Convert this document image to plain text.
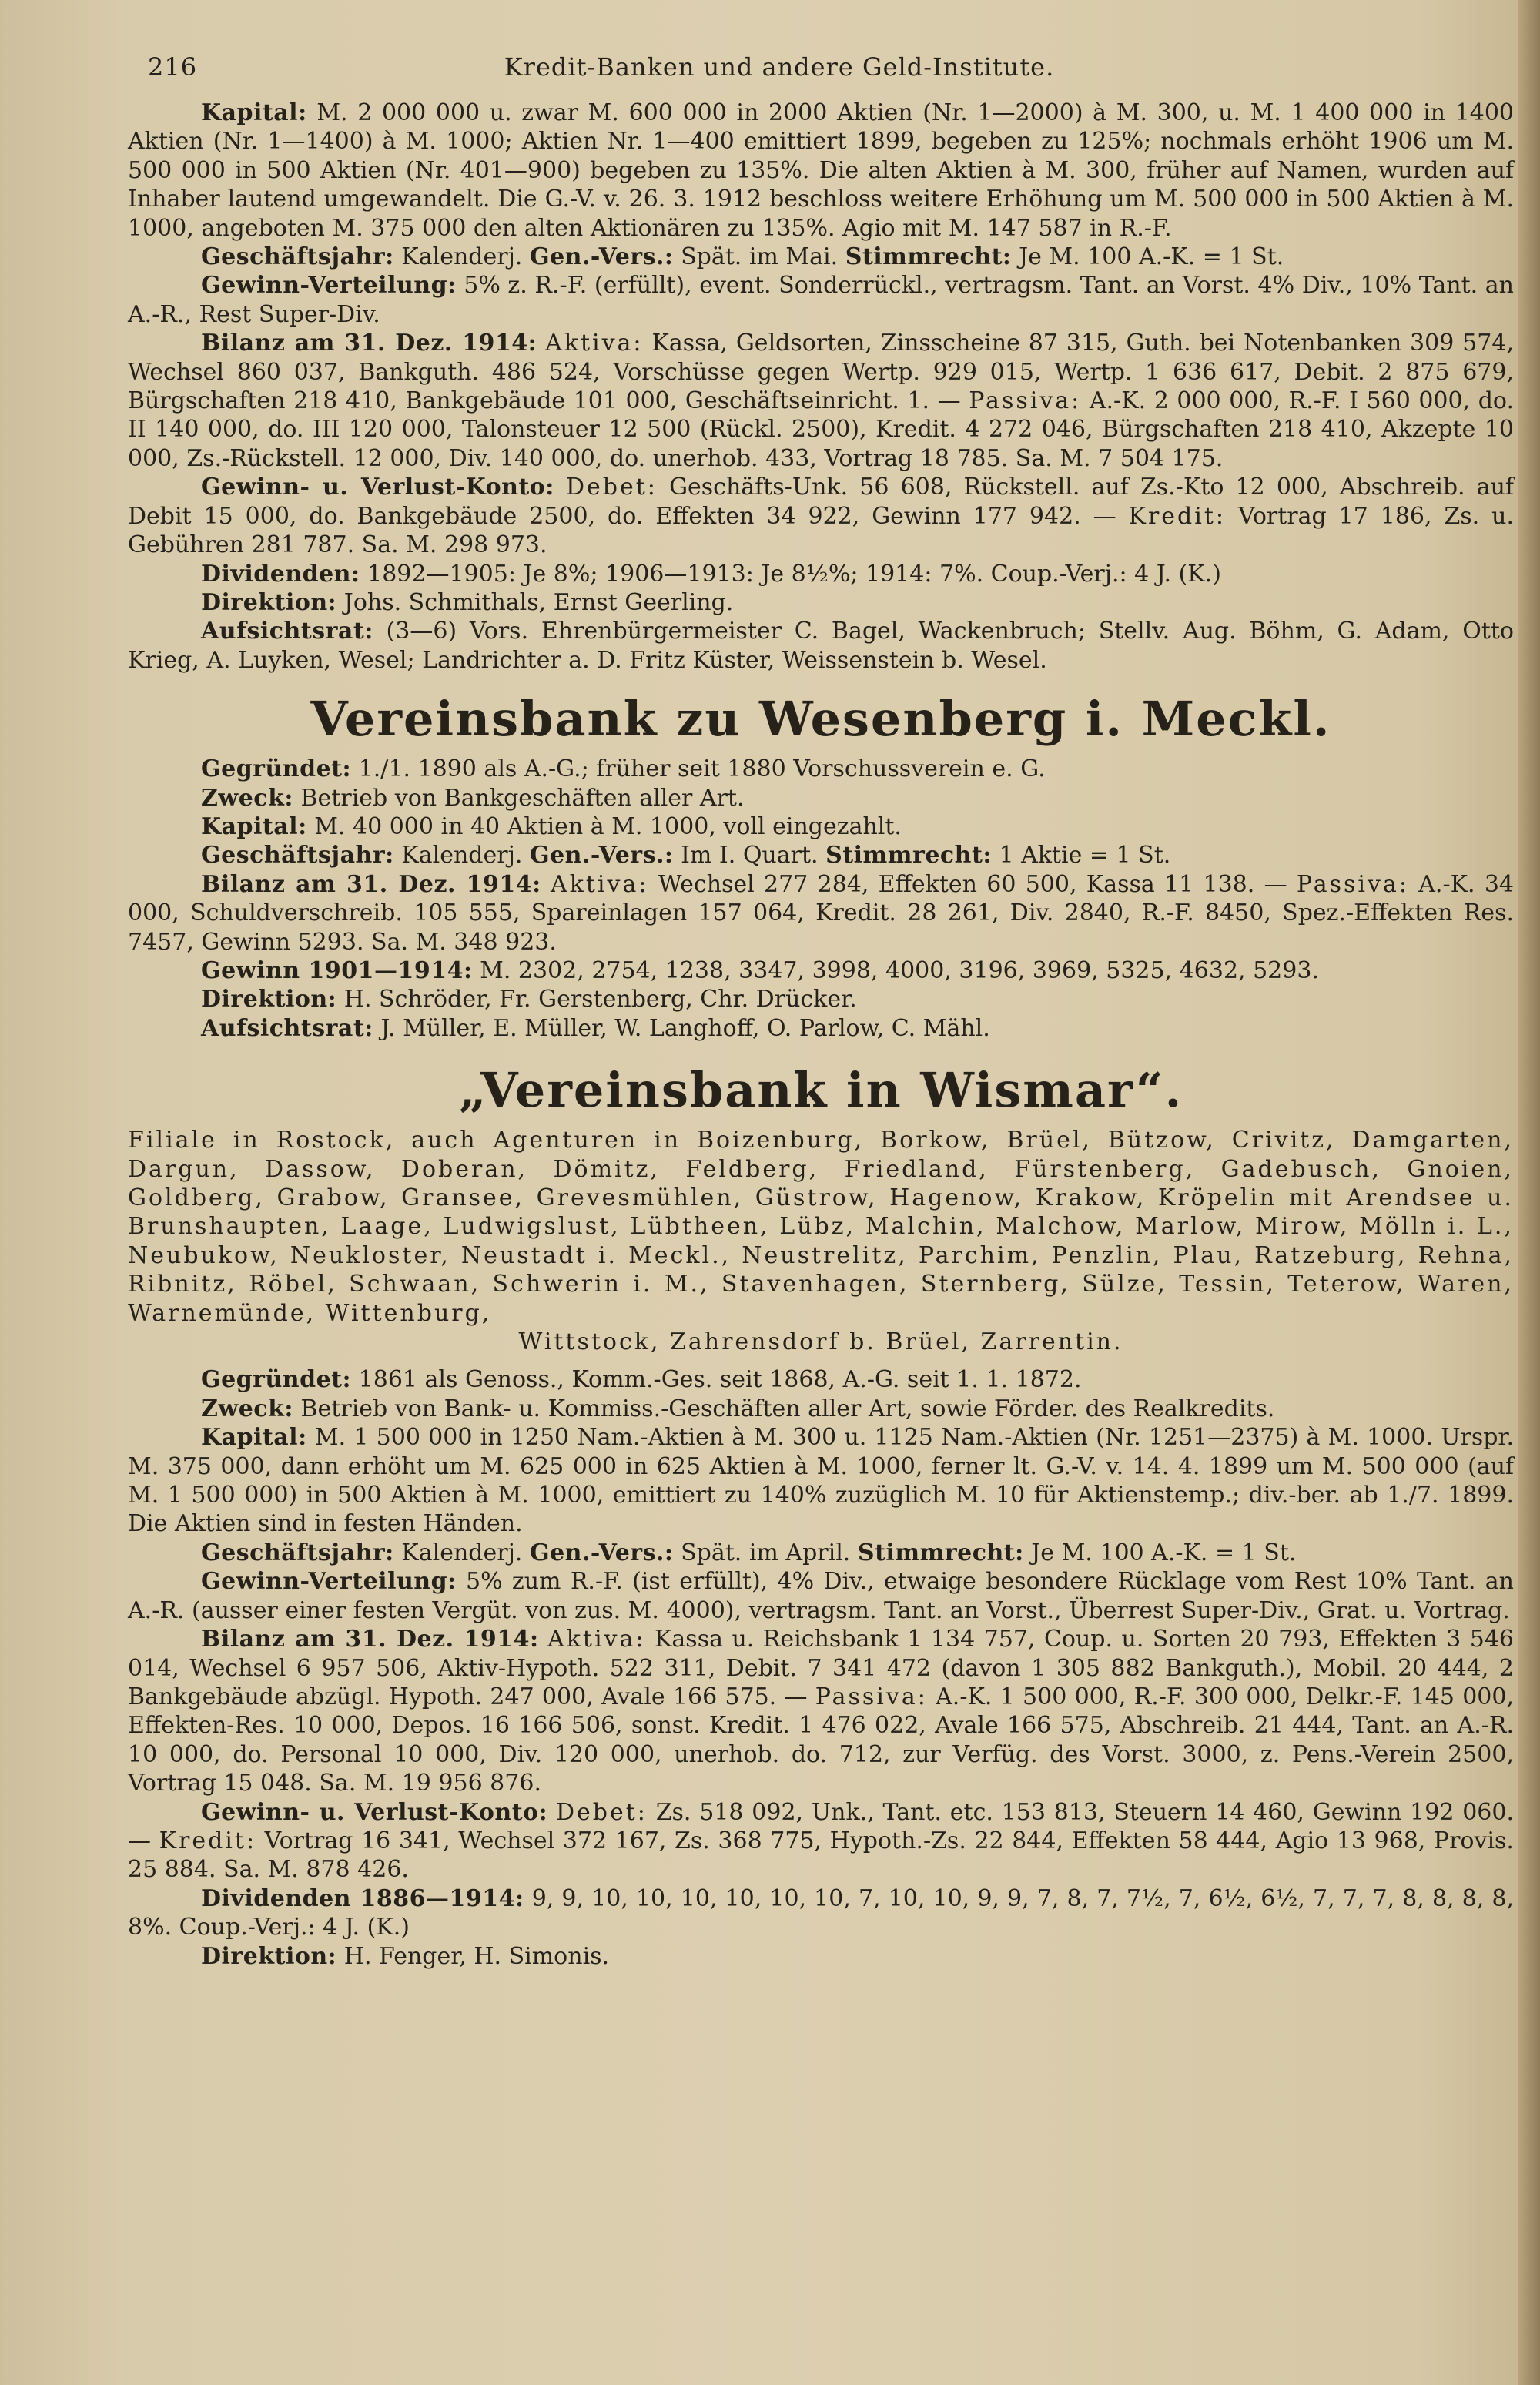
216	Kredit-Banken und andere Geld-Institute.

Kapital: M. 2 000 000 u. zwar M. 600 000 in 2000 Aktien (Nr. 1—2000) à M. 300, u. M. 1 400 000 in 1400 Aktien (Nr. 1—1400) à M. 1000; Aktien Nr. 1—400 emittiert 1899, begeben zu 125%; nochmals erhöht 1906 um M. 500 000 in 500 Aktien (Nr. 401—900) begeben zu 135%. Die alten Aktien à M. 300, früher auf Namen, wurden auf Inhaber lautend umgewandelt. Die G.-V. v. 26. 3. 1912 beschloss weitere Erhöhung um M. 500 000 in 500 Aktien à M. 1000, angeboten M. 375 000 den alten Aktionären zu 135%. Agio mit M. 147 587 in R.-F.

Geschäftsjahr: Kalenderj. Gen.-Vers.: Spät. im Mai. Stimmrecht: Je M. 100 A.-K. = 1 St.

Gewinn-Verteilung: 5% z. R.-F. (erfüllt), event. Sonderrückl., vertragsm. Tant. an Vorst. 4% Div., 10% Tant. an A.-R., Rest Super-Div.

Bilanz am 31. Dez. 1914: Aktiva: Kassa, Geldsorten, Zinsscheine 87 315, Guth. bei Notenbanken 309 574, Wechsel 860 037, Bankguth. 486 524, Vorschüsse gegen Wertp. 929 015, Wertp. 1 636 617, Debit. 2 875 679, Bürgschaften 218 410, Bankgebäude 101 000, Geschäftseinricht. 1. — Passiva: A.-K. 2 000 000, R.-F. I 560 000, do. II 140 000, do. III 120 000, Talonsteuer 12 500 (Rückl. 2500), Kredit. 4 272 046, Bürgschaften 218 410, Akzepte 10 000, Zs.-Rückstell. 12 000, Div. 140 000, do. unerhob. 433, Vortrag 18 785. Sa. M. 7 504 175.

Gewinn- u. Verlust-Konto: Debet: Geschäfts-Unk. 56 608, Rückstell. auf Zs.-Kto 12 000, Abschreib. auf Debit 15 000, do. Bankgebäude 2500, do. Effekten 34 922, Gewinn 177 942. — Kredit: Vortrag 17 186, Zs. u. Gebühren 281 787. Sa. M. 298 973.

Dividenden: 1892—1905: Je 8%; 1906—1913: Je 8½%; 1914: 7%. Coup.-Verj.: 4 J. (K.)

Direktion: Johs. Schmithals, Ernst Geerling.

Aufsichtsrat: (3—6) Vors. Ehrenbürgermeister C. Bagel, Wackenbruch; Stellv. Aug. Böhm, G. Adam, Otto Krieg, A. Luyken, Wesel; Landrichter a. D. Fritz Küster, Weissenstein b. Wesel.

Vereinsbank zu Wesenberg i. Meckl.

Gegründet: 1./1. 1890 als A.-G.; früher seit 1880 Vorschussverein e. G.

Zweck: Betrieb von Bankgeschäften aller Art.

Kapital: M. 40 000 in 40 Aktien à M. 1000, voll eingezahlt.

Geschäftsjahr: Kalenderj. Gen.-Vers.: Im I. Quart. Stimmrecht: 1 Aktie = 1 St.

Bilanz am 31. Dez. 1914: Aktiva: Wechsel 277 284, Effekten 60 500, Kassa 11 138. — Passiva: A.-K. 34 000, Schuldverschreib. 105 555, Spareinlagen 157 064, Kredit. 28 261, Div. 2840, R.-F. 8450, Spez.-Effekten Res. 7457, Gewinn 5293. Sa. M. 348 923.

Gewinn 1901—1914: M. 2302, 2754, 1238, 3347, 3998, 4000, 3196, 3969, 5325, 4632, 5293.

Direktion: H. Schröder, Fr. Gerstenberg, Chr. Drücker.

Aufsichtsrat: J. Müller, E. Müller, W. Langhoff, O. Parlow, C. Mähl.

„Vereinsbank in Wismar“.

Filiale in Rostock, auch Agenturen in Boizenburg, Borkow, Brüel, Bützow, Crivitz, Damgarten, Dargun, Dassow, Doberan, Dömitz, Feldberg, Friedland, Fürstenberg, Gadebusch, Gnoien, Goldberg, Grabow, Gransee, Grevesmühlen, Güstrow, Hagenow, Krakow, Kröpelin mit Arendsee u. Brunshaupten, Laage, Ludwigslust, Lübtheen, Lübz, Malchin, Malchow, Marlow, Mirow, Mölln i. L., Neubukow, Neukloster, Neustadt i. Meckl., Neustrelitz, Parchim, Penzlin, Plau, Ratzeburg, Rehna, Ribnitz, Röbel, Schwaan, Schwerin i. M., Stavenhagen, Sternberg, Sülze, Tessin, Teterow, Waren, Warnemünde, Wittenburg,

Wittstock, Zahrensdorf b. Brüel, Zarrentin.

Gegründet: 1861 als Genoss., Komm.-Ges. seit 1868, A.-G. seit 1. 1. 1872.

Zweck: Betrieb von Bank- u. Kommiss.-Geschäften aller Art, sowie Förder. des Realkredits.

Kapital: M. 1 500 000 in 1250 Nam.-Aktien à M. 300 u. 1125 Nam.-Aktien (Nr. 1251—2375) à M. 1000. Urspr. M. 375 000, dann erhöht um M. 625 000 in 625 Aktien à M. 1000, ferner lt. G.-V. v. 14. 4. 1899 um M. 500 000 (auf M. 1 500 000) in 500 Aktien à M. 1000, emittiert zu 140% zuzüglich M. 10 für Aktienstemp.; div.-ber. ab 1./7. 1899. Die Aktien sind in festen Händen.

Geschäftsjahr: Kalenderj. Gen.-Vers.: Spät. im April. Stimmrecht: Je M. 100 A.-K. = 1 St.

Gewinn-Verteilung: 5% zum R.-F. (ist erfüllt), 4% Div., etwaige besondere Rücklage vom Rest 10% Tant. an A.-R. (ausser einer festen Vergüt. von zus. M. 4000), vertragsm. Tant. an Vorst., Überrest Super-Div., Grat. u. Vortrag.

Bilanz am 31. Dez. 1914: Aktiva: Kassa u. Reichsbank 1 134 757, Coup. u. Sorten 20 793, Effekten 3 546 014, Wechsel 6 957 506, Aktiv-Hypoth. 522 311, Debit. 7 341 472 (davon 1 305 882 Bankguth.), Mobil. 20 444, 2 Bankgebäude abzügl. Hypoth. 247 000, Avale 166 575. — Passiva: A.-K. 1 500 000, R.-F. 300 000, Delkr.-F. 145 000, Effekten-Res. 10 000, Depos. 16 166 506, sonst. Kredit. 1 476 022, Avale 166 575, Abschreib. 21 444, Tant. an A.-R. 10 000, do. Personal 10 000, Div. 120 000, unerhob. do. 712, zur Verfüg. des Vorst. 3000, z. Pens.-Verein 2500, Vortrag 15 048. Sa. M. 19 956 876.

Gewinn- u. Verlust-Konto: Debet: Zs. 518 092, Unk., Tant. etc. 153 813, Steuern 14 460, Gewinn 192 060. — Kredit: Vortrag 16 341, Wechsel 372 167, Zs. 368 775, Hypoth.-Zs. 22 844, Effekten 58 444, Agio 13 968, Provis. 25 884. Sa. M. 878 426.

Dividenden 1886—1914: 9, 9, 10, 10, 10, 10, 10, 10, 7, 10, 10, 9, 9, 7, 8, 7, 7½, 7, 6½, 6½, 7, 7, 7, 8, 8, 8, 8, 8%. Coup.-Verj.: 4 J. (K.)

Direktion: H. Fenger, H. Simonis.
